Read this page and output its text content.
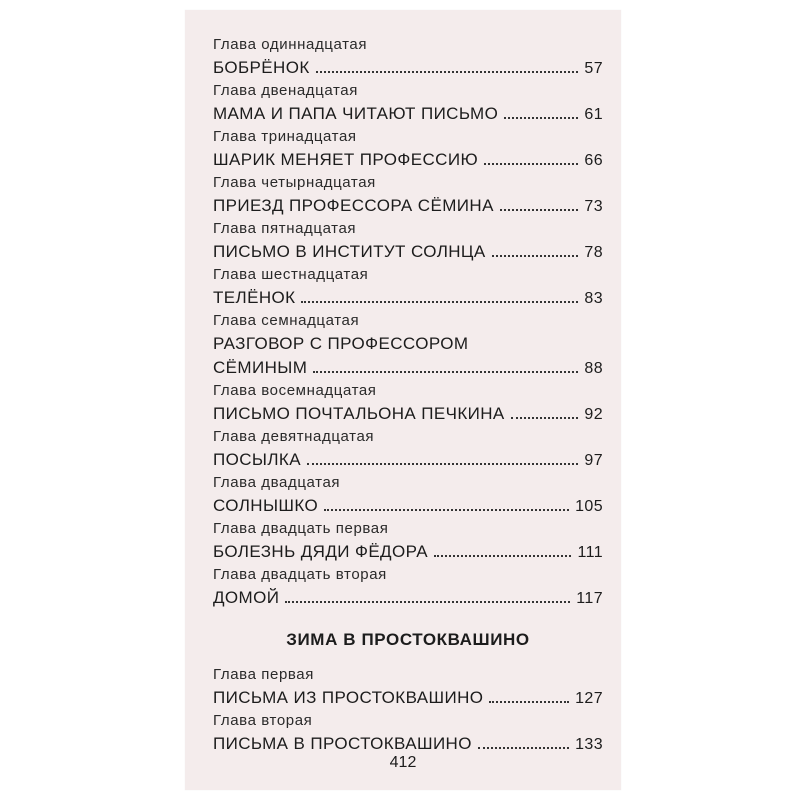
Глава одиннадцатая
БОБРЁНОК	57
Глава двенадцатая
МАМА И ПАПА ЧИТАЮТ ПИСЬМО	61
Глава тринадцатая
ШАРИК МЕНЯЕТ ПРОФЕССИЮ	66
Глава четырнадцатая
ПРИЕЗД ПРОФЕССОРА СЁМИНА	73
Глава пятнадцатая
ПИСЬМО В ИНСТИТУТ СОЛНЦА	78
Глава шестнадцатая
ТЕЛЁНОК	83
Глава семнадцатая
РАЗГОВОР С ПРОФЕССОРОМ
СЁМИНЫМ	88
Глава восемнадцатая
ПИСЬМО ПОЧТАЛЬОНА ПЕЧКИНА	92
Глава девятнадцатая
ПОСЫЛКА	97
Глава двадцатая
СОЛНЫШКО	105
Глава двадцать первая
БОЛЕЗНЬ ДЯДИ ФЁДОРА	111
Глава двадцать вторая
ДОМОЙ	117
ЗИМА В ПРОСТОКВАШИНО
Глава первая
ПИСЬМА ИЗ ПРОСТОКВАШИНО	127
Глава вторая
ПИСЬМА В ПРОСТОКВАШИНО	133
412
